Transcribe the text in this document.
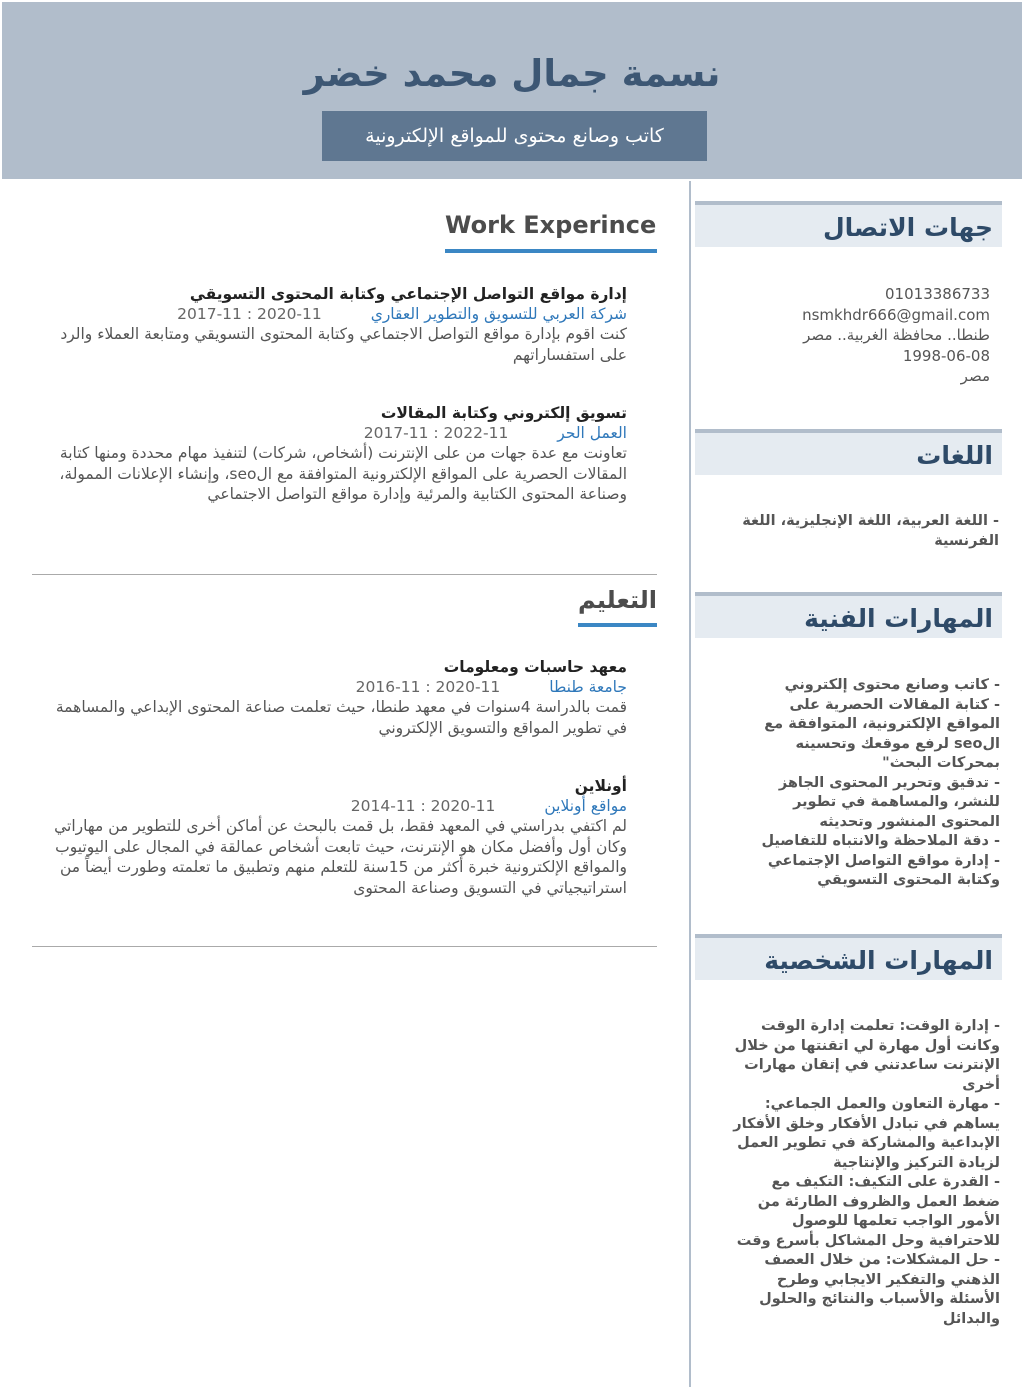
نسمة جمال محمد خضر
كاتب وصانع محتوى للمواقع الإلكترونية
جهات الاتصال
01013386733
nsmkhdr666@gmail.com
طنطا.. محافظة الغربية.. مصر
1998-06-08
مصر
اللغات
- اللغة العربية، اللغة الإنجليزية، اللغة الفرنسية
المهارات الفنية
- كاتب وصانع محتوى إلكتروني
- كتابة المقالات الحصرية على المواقع الإلكترونية، المتوافقة مع الseo لرفع موقعك وتحسينه بمحركات البحث"
- تدقيق وتحرير المحتوى الجاهز للنشر، والمساهمة في تطوير المحتوى المنشور وتحديثه
- دقة الملاحظة والانتباه للتفاصيل
- إدارة مواقع التواصل الإجتماعي وكتابة المحتوى التسويقي
المهارات الشخصية
- إدارة الوقت: تعلمت إدارة الوقت وكانت أول مهارة لي اتقنتها من خلال الإنترنت ساعدتني في إتقان مهارات أخرى
- مهارة التعاون والعمل الجماعي: يساهم في تبادل الأفكار وخلق الأفكار الإبداعية والمشاركة في تطوير العمل لزيادة التركيز والإنتاجية
- القدرة على التكيف: التكيف مع ضغط العمل والظروف الطارئة من الأمور الواجب تعلمها للوصول للاحترافية وحل المشاكل بأسرع وقت
- حل المشكلات: من خلال العصف الذهني والتفكير الايجابي وطرح الأسئلة والأسباب والنتائج والحلول والبدائل
Work Experince
إدارة مواقع التواصل الإجتماعي وكتابة المحتوى التسويقي
شركة العربي للتسويق والتطوير العقاري 2017-11 : 2020-11
كنت اقوم بإدارة مواقع التواصل الاجتماعي وكتابة المحتوى التسويقي ومتابعة العملاء والرد على استفساراتهم
تسويق إلكتروني وكتابة المقالات
العمل الحر 2017-11 : 2022-11
تعاونت مع عدة جهات من على الإنترنت (أشخاص، شركات) لتنفيذ مهام محددة ومنها كتابة المقالات الحصرية على المواقع الإلكترونية المتوافقة مع الseo، وإنشاء الإعلانات الممولة، وصناعة المحتوى الكتابية والمرئية وإدارة مواقع التواصل الاجتماعي
التعليم
معهد حاسبات ومعلومات
جامعة طنطا 2016-11 : 2020-11
قمت بالدراسة 4سنوات في معهد طنطا، حيث تعلمت صناعة المحتوى الإبداعي والمساهمة في تطوير المواقع والتسويق الإلكتروني
أونلاين
مواقع أونلاين 2014-11 : 2020-11
لم اكتفي بدراستي في المعهد فقط، بل قمت بالبحث عن أماكن أخرى للتطوير من مهاراتي وكان أول وأفضل مكان هو الإنترنت، حيث تابعت أشخاص عمالقة في المجال على اليوتيوب والمواقع الإلكترونية خبرة أكثر من 15سنة للتعلم منهم وتطبيق ما تعلمته وطورت أيضاً من استراتيجياتي في التسويق وصناعة المحتوى
